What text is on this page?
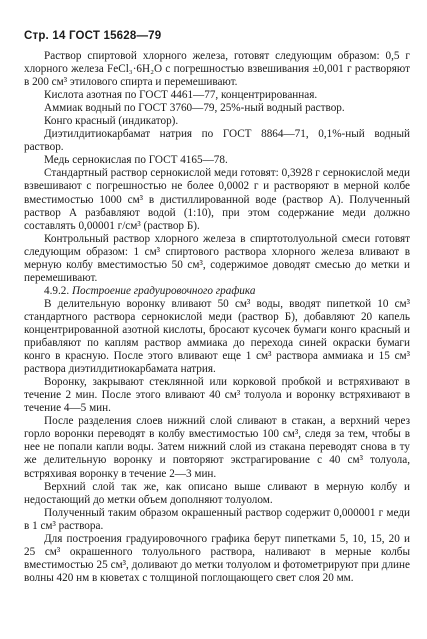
Стр. 14 ГОСТ 15628—79

Раствор спиртовой хлорного железа, готовят следующим образом: 0,5 г хлорного железа FeCl₃·6H₂O с погрешностью взвешивания ±0,001 г растворяют в 200 см³ этилового спирта и перемешивают.

Кислота азотная по ГОСТ 4461—77, концентрированная.

Аммиак водный по ГОСТ 3760—79, 25%-ный водный раствор.

Конго красный (индикатор).

Диэтилдитиокарбамат натрия по ГОСТ 8864—71, 0,1%-ный водный раствор.

Медь сернокислая по ГОСТ 4165—78.

Стандартный раствор сернокислой меди готовят: 0,3928 г сернокислой меди взвешивают с погрешностью не более 0,0002 г и растворяют в мерной колбе вместимостью 1000 см³ в дистиллированной воде (раствор А). Полученный раствор А разбавляют водой (1:10), при этом содержание меди должно составлять 0,00001 г/см³ (раствор Б).

Контрольный раствор хлорного железа в спиртотолуольной смеси готовят следующим образом: 1 см³ спиртового раствора хлорного железа вливают в мерную колбу вместимостью 50 см³, содержимое доводят смесью до метки и перемешивают.

4.9.2. Построение градуировочного графика

В делительную воронку вливают 50 см³ воды, вводят пипеткой 10 см³ стандартного раствора сернокислой меди (раствор Б), добавляют 20 капель концентрированной азотной кислоты, бросают кусочек бумаги конго красный и прибавляют по каплям раствор аммиака до перехода синей окраски бумаги конго в красную. После этого вливают еще 1 см³ раствора аммиака и 15 см³ раствора диэтилдитиокарбамата натрия.

Воронку, закрывают стеклянной или корковой пробкой и встряхивают в течение 2 мин. После этого вливают 40 см³ толуола и воронку встряхивают в течение 4—5 мин.

После разделения слоев нижний слой сливают в стакан, а верхний через горло воронки переводят в колбу вместимостью 100 см³, следя за тем, чтобы в нее не попали капли воды. Затем нижний слой из стакана переводят снова в ту же делительную воронку и повторяют экстрагирование с 40 см³ толуола, встряхивая воронку в течение 2—3 мин.

Верхний слой так же, как описано выше сливают в мерную колбу и недостающий до метки объем дополняют толуолом.

Полученный таким образом окрашенный раствор содержит 0,000001 г меди в 1 см³ раствора.

Для построения градуировочного графика берут пипетками 5, 10, 15, 20 и 25 см³ окрашенного толуольного раствора, наливают в мерные колбы вместимостью 25 см³, доливают до метки толуолом и фотометрируют при длине волны 420 нм в кюветах с толщиной поглощающего свет слоя 20 мм.
